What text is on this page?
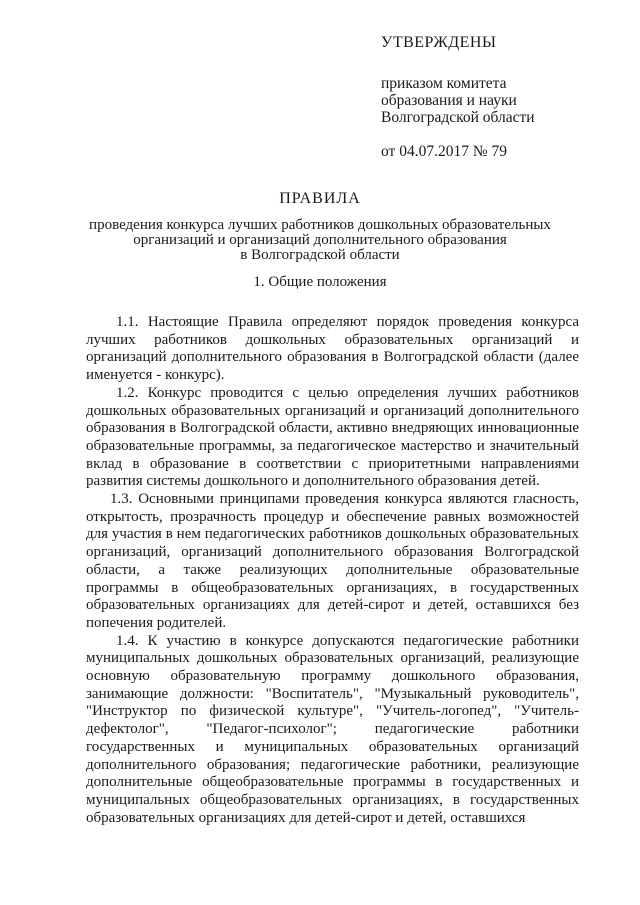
УТВЕРЖДЕНЫ
приказом комитета
образования и науки
Волгоградской области
от 04.07.2017 № 79
ПРАВИЛА
проведения конкурса лучших работников дошкольных образовательных
организаций и организаций дополнительного образования
в Волгоградской области
1. Общие положения

1.1. Настоящие Правила определяют порядок проведения конкурса лучших работников дошкольных образовательных организаций и организаций дополнительного образования в Волгоградской области (далее именуется - конкурс).

1.2. Конкурс проводится с целью определения лучших работников дошкольных образовательных организаций и организаций дополнительного образования в Волгоградской области, активно внедряющих инновационные образовательные программы, за педагогическое мастерство и значительный вклад в образование в соответствии с приоритетными направлениями развития системы дошкольного и дополнительного образования детей.

1.3. Основными принципами проведения конкурса являются гласность, открытость, прозрачность процедур и обеспечение равных возможностей для участия в нем педагогических работников дошкольных образовательных организаций, организаций дополнительного образования Волгоградской области, а также реализующих дополнительные образовательные программы в общеобразовательных организациях, в государственных образовательных организациях для детей-сирот и детей, оставшихся без попечения родителей.

1.4. К участию в конкурсе допускаются педагогические работники муниципальных дошкольных образовательных организаций, реализующие основную образовательную программу дошкольного образования, занимающие должности: "Воспитатель", "Музыкальный руководитель", "Инструктор по физической культуре", "Учитель-логопед", "Учитель-дефектолог", "Педагог-психолог"; педагогические работники государственных и муниципальных образовательных организаций дополнительного образования; педагогические работники, реализующие дополнительные общеобразовательные программы в государственных и муниципальных общеобразовательных организациях, в государственных образовательных организациях для детей-сирот и детей, оставшихся
